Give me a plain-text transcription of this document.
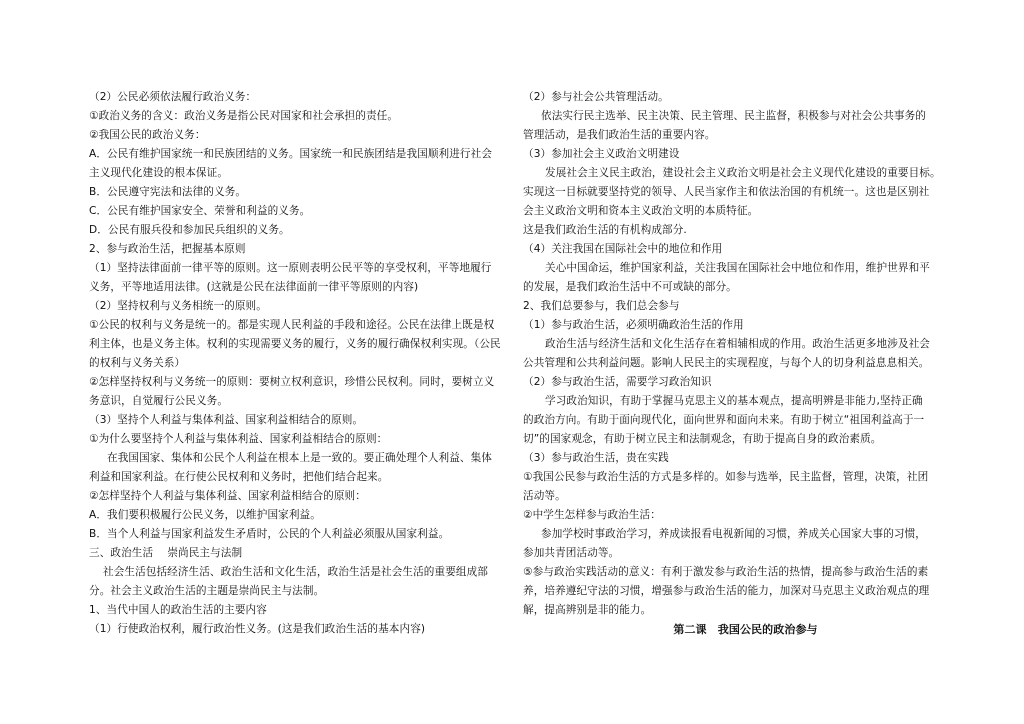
（2）公民必须依法履行政治义务：
①政治义务的含义：政治义务是指公民对国家和社会承担的责任。
②我国公民的政治义务：
A．公民有维护国家统一和民族团结的义务。国家统一和民族团结是我国顺利进行社会
主义现代化建设的根本保证。
B．公民遵守宪法和法律的义务。
C．公民有维护国家安全、荣誉和利益的义务。
D．公民有服兵役和参加民兵组织的义务。
2、参与政治生活，把握基本原则
（1）坚持法律面前一律平等的原则。这一原则表明公民平等的享受权利，平等地履行
义务，平等地适用法律。(这就是公民在法律面前一律平等原则的内容)
（2）坚持权利与义务相统一的原则。
①公民的权利与义务是统一的。都是实现人民利益的手段和途径。公民在法律上既是权
利主体，也是义务主体。权利的实现需要义务的履行，义务的履行确保权利实现。（公民
的权利与义务关系）
②怎样坚持权利与义务统一的原则：要树立权利意识，珍惜公民权利。同时，要树立义
务意识，自觉履行公民义务。
（3）坚持个人利益与集体利益、国家利益相结合的原则。
①为什么要坚持个人利益与集体利益、国家利益相结合的原则：
在我国国家、集体和公民个人利益在根本上是一致的。要正确处理个人利益、集体
利益和国家利益。在行使公民权利和义务时，把他们结合起来。
②怎样坚持个人利益与集体利益、国家利益相结合的原则：
A．我们要积极履行公民义务，以维护国家利益。
B．当个人利益与国家利益发生矛盾时，公民的个人利益必须服从国家利益。
三、政治生活　 崇尚民主与法制
社会生活包括经济生活、政治生活和文化生活，政治生活是社会生活的重要组成部
分。社会主义政治生活的主题是崇尚民主与法制。
1、当代中国人的政治生活的主要内容
（1）行使政治权利，履行政治性义务。(这是我们政治生活的基本内容)
（2）参与社会公共管理活动。
依法实行民主选举、民主决策、民主管理、民主监督，积极参与对社会公共事务的
管理活动，是我们政治生活的重要内容。
（3）参加社会主义政治文明建设
发展社会主义民主政治，建设社会主义政治文明是社会主义现代化建设的重要目标。
实现这一目标就要坚持党的领导、人民当家作主和依法治国的有机统一。这也是区别社
会主义政治文明和资本主义政治文明的本质特征。
这是我们政治生活的有机构成部分.
（4）关注我国在国际社会中的地位和作用
关心中国命运，维护国家利益，关注我国在国际社会中地位和作用，维护世界和平
的发展，是我们政治生活中不可或缺的部分。
2、我们总要参与，我们总会参与
（1）参与政治生活，必须明确政治生活的作用
政治生活与经济生活和文化生活存在着相辅相成的作用。政治生活更多地涉及社会
公共管理和公共利益问题。影响人民民主的实现程度，与每个人的切身利益息息相关。
（2）参与政治生活，需要学习政治知识
学习政治知识，有助于掌握马克思主义的基本观点，提高明辨是非能力,坚持正确
的政治方向。有助于面向现代化，面向世界和面向未来。有助于树立“祖国利益高于一
切”的国家观念，有助于树立民主和法制观念，有助于提高自身的政治素质。
（3）参与政治生活，贵在实践
①我国公民参与政治生活的方式是多样的。如参与选举，民主监督，管理，决策，社团
活动等。
②中学生怎样参与政治生活：
参加学校时事政治学习，养成读报看电视新闻的习惯，养成关心国家大事的习惯，
参加共青团活动等。
⑤参与政治实践活动的意义：有利于激发参与政治生活的热情，提高参与政治生活的素
养，培养遵纪守法的习惯，增强参与政治生活的能力，加深对马克思主义政治观点的理
解，提高辨别是非的能力。
第二课　我国公民的政治参与
